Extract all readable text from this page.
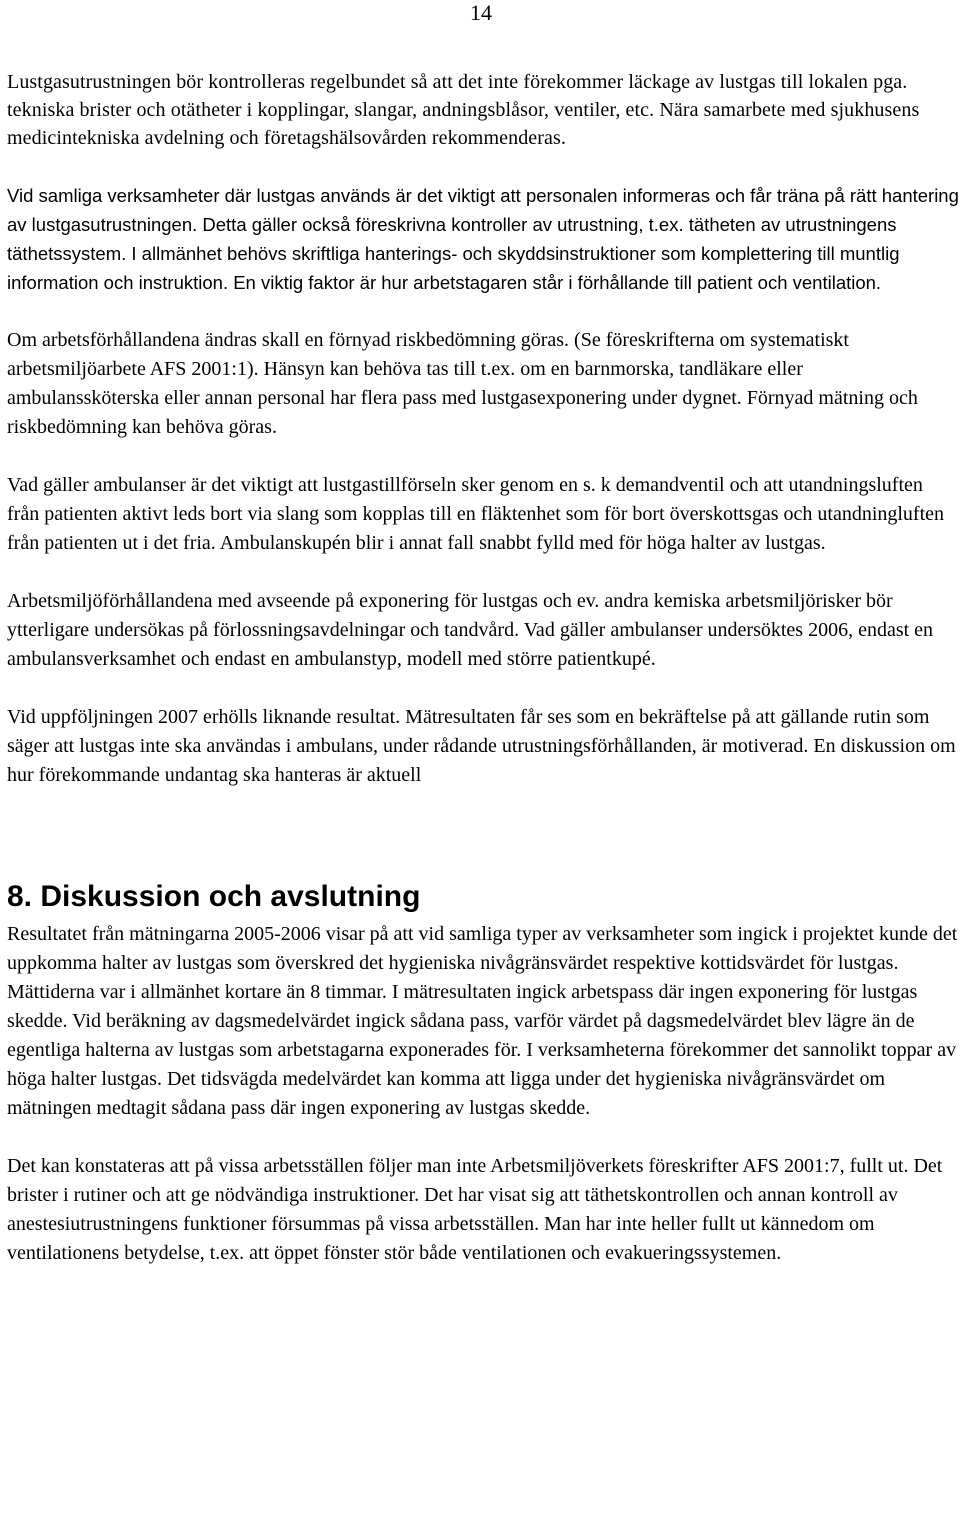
14

Lustgasutrustningen bör kontrolleras regelbundet så att det inte förekommer läckage av lustgas till lokalen pga. tekniska brister och otätheter i kopplingar, slangar, andningsblåsor, ventiler, etc. Nära samarbete med sjukhusens medicintekniska avdelning och företagshälsovården rekommenderas.

Vid samliga verksamheter där lustgas används är det viktigt att personalen informeras och får träna på rätt hantering av lustgasutrustningen. Detta gäller också föreskrivna kontroller av utrustning, t.ex. tätheten av utrustningens täthetssystem. I allmänhet behövs skriftliga hanterings- och skyddsinstruktioner som komplettering till muntlig information och instruktion. En viktig faktor är hur arbetstagaren står i förhållande till patient och ventilation.

Om arbetsförhållandena ändras skall en förnyad riskbedömning göras. (Se föreskrifterna om systematiskt arbetsmiljöarbete AFS 2001:1). Hänsyn kan behöva tas till t.ex. om en barnmorska, tandläkare eller ambulanssköterska eller annan personal har flera pass med lustgasexponering under dygnet. Förnyad mätning och riskbedömning kan behöva göras.

Vad gäller ambulanser är det viktigt att lustgastillförseln sker genom en s. k demandventil och att utandningsluften från patienten aktivt leds bort via slang som kopplas till en fläktenhet som för bort överskottsgas och utandningluften från patienten ut i det fria. Ambulanskupén blir i annat fall snabbt fylld med för höga halter av lustgas.

Arbetsmiljöförhållandena med avseende på exponering för lustgas och ev. andra kemiska arbetsmiljörisker bör ytterligare undersökas på förlossningsavdelningar och tandvård. Vad gäller ambulanser undersöktes 2006, endast en ambulansverksamhet och endast en ambulanstyp, modell med större patientkupé.

Vid uppföljningen 2007 erhölls liknande resultat. Mätresultaten får ses som en bekräftelse på att gällande rutin som säger att lustgas inte ska användas i ambulans, under rådande utrustningsförhållanden, är motiverad. En diskussion om hur förekommande undantag ska hanteras är aktuell

8. Diskussion och avslutning

Resultatet från mätningarna 2005-2006 visar på att vid samliga typer av verksamheter som ingick i projektet kunde det uppkomma halter av lustgas som överskred det hygieniska nivågränsvärdet respektive kottidsvärdet för lustgas. Mättiderna var i allmänhet kortare än 8 timmar. I mätresultaten ingick arbetspass där ingen exponering för lustgas skedde. Vid beräkning av dagsmedelvärdet ingick sådana pass, varför värdet på dagsmedelvärdet blev lägre än de egentliga halterna av lustgas som arbetstagarna exponerades för. I verksamheterna förekommer det sannolikt toppar av höga halter lustgas. Det tidsvägda medelvärdet kan komma att ligga under det hygieniska nivågränsvärdet om mätningen medtagit sådana pass där ingen exponering av lustgas skedde.

Det kan konstateras att på vissa arbetsställen följer man inte Arbetsmiljöverkets föreskrifter AFS 2001:7, fullt ut. Det brister i rutiner och att ge nödvändiga instruktioner. Det har visat sig att täthetskontrollen och annan kontroll av anestesiutrustningens funktioner försummas på vissa arbetsställen. Man har inte heller fullt ut kännedom om ventilationens betydelse, t.ex. att öppet fönster stör både ventilationen och evakueringssystemen.
